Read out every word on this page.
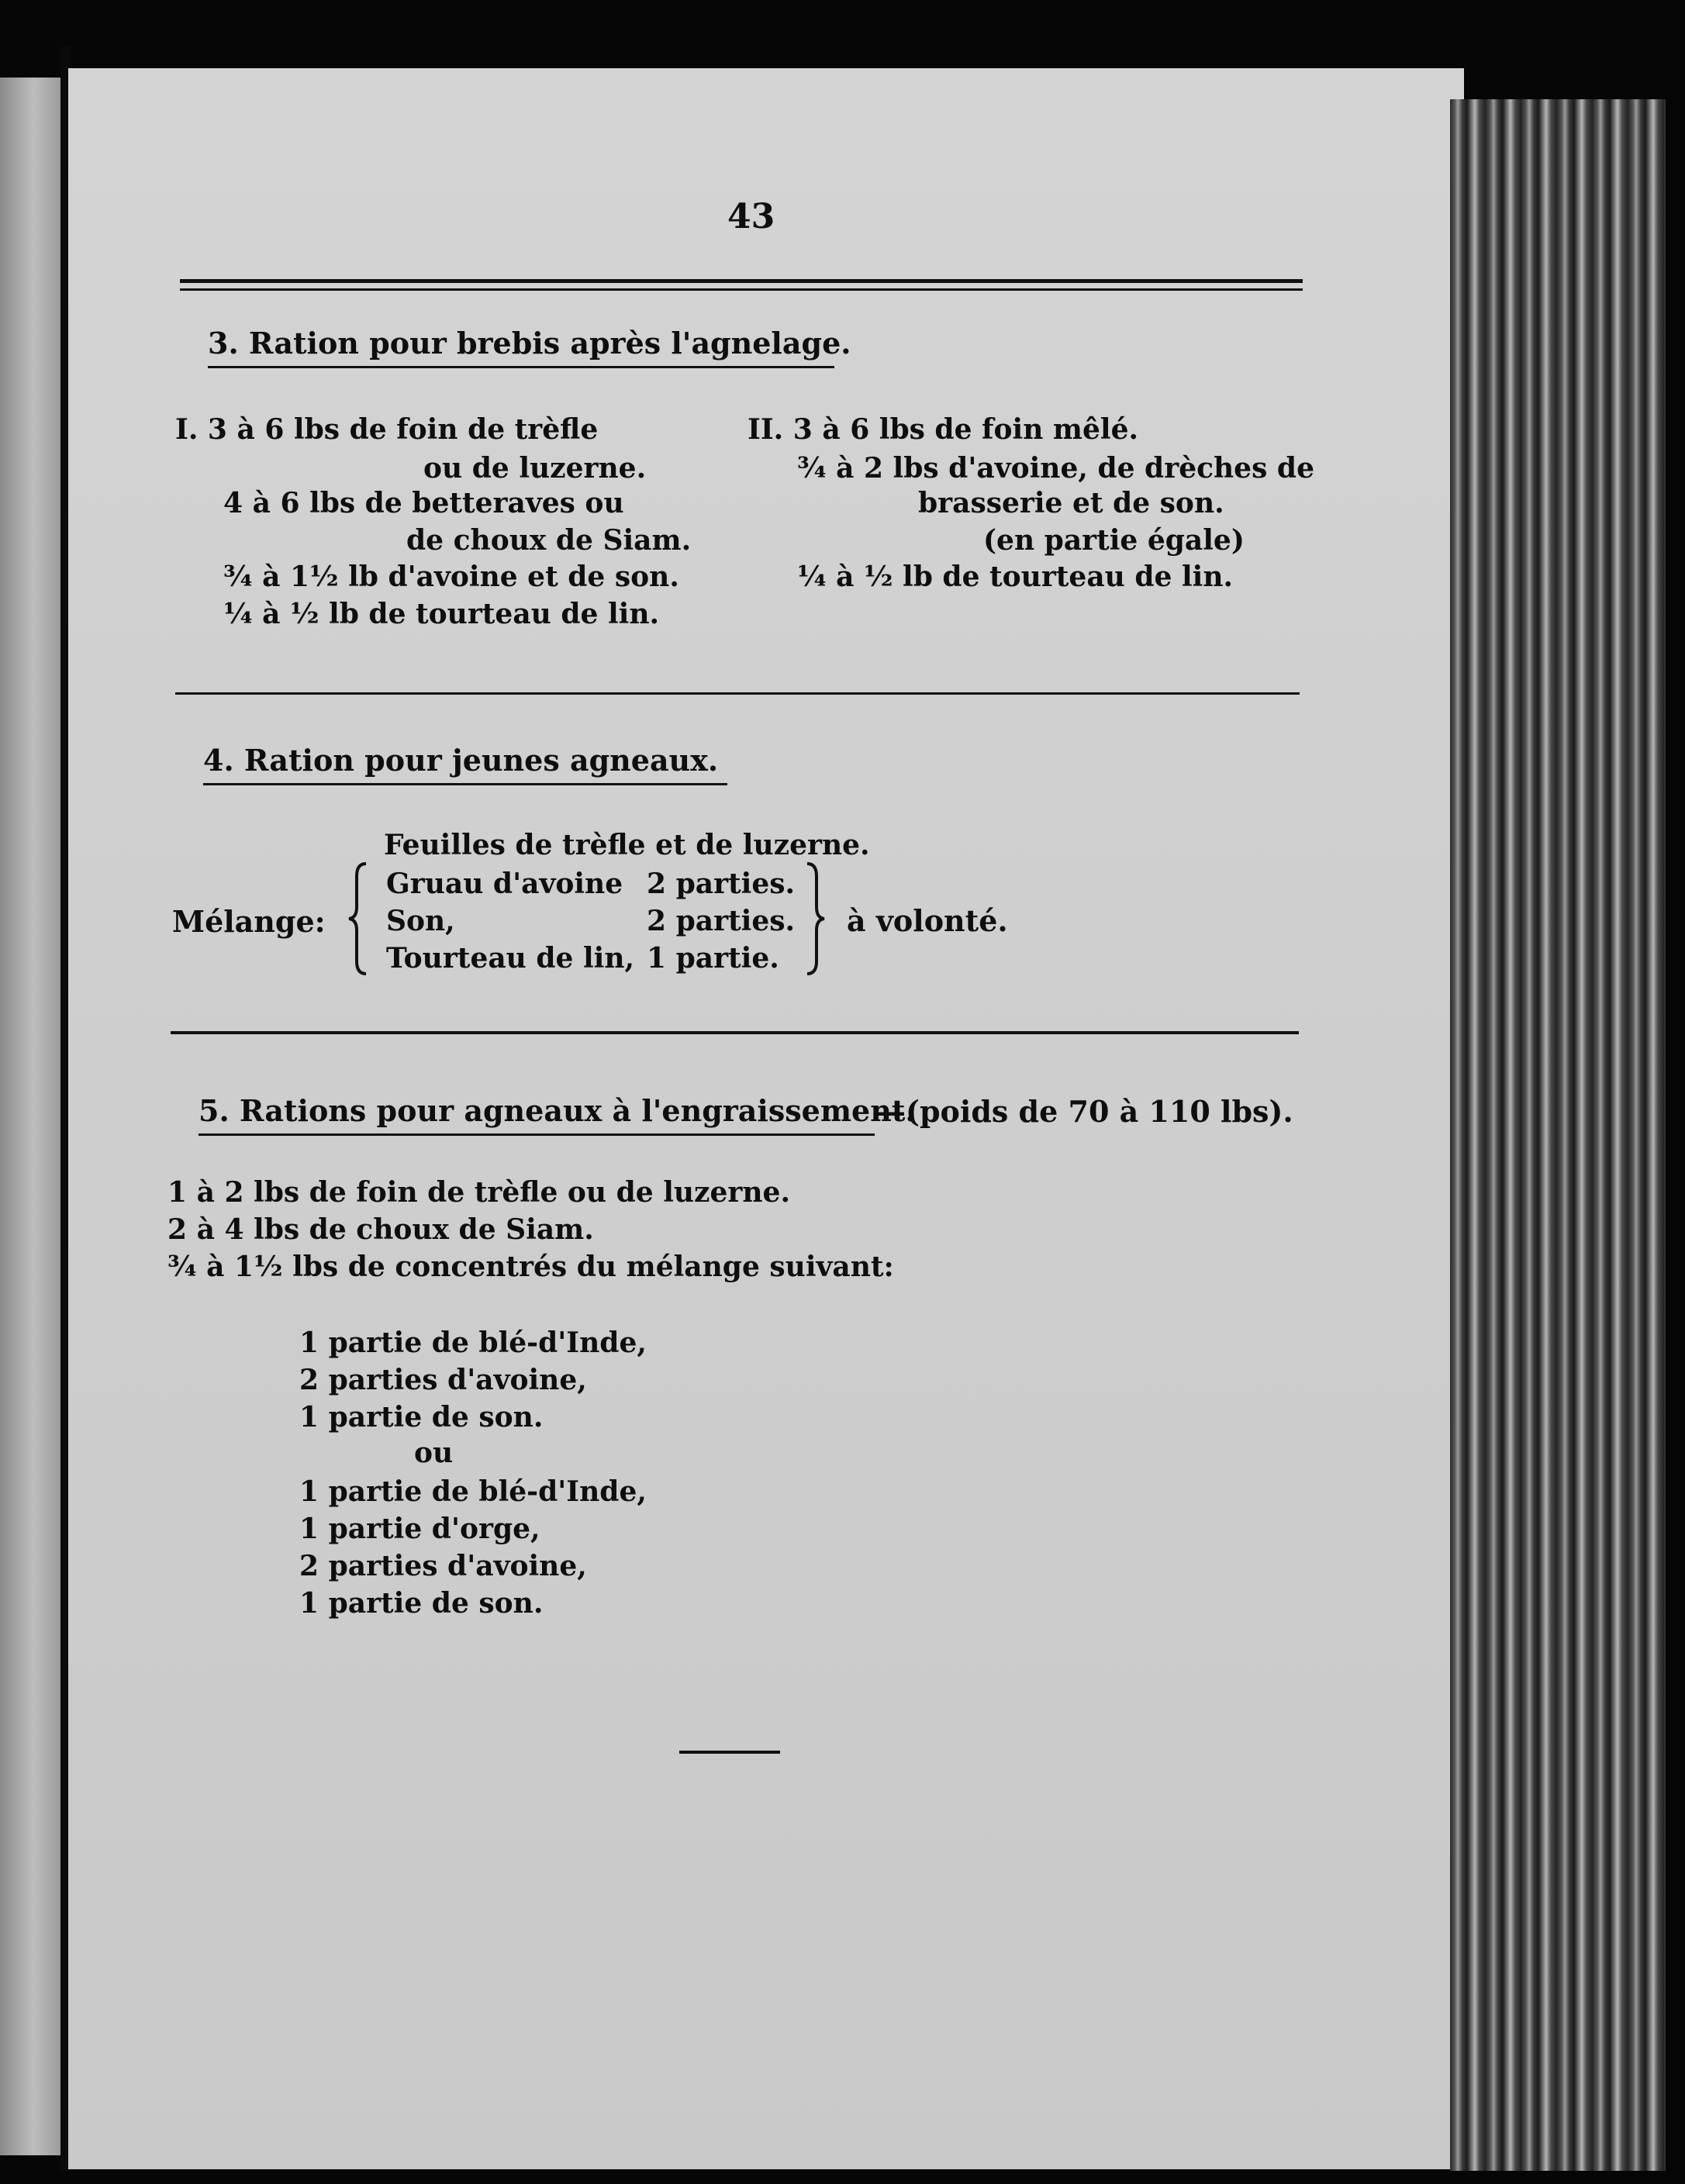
43
3. Ration pour brebis après l'agnelage.
I. 3 à 6 lbs de foin de trèfle
ou de luzerne.
4 à 6 lbs de betteraves ou
de choux de Siam.
¾ à 1½ lb d'avoine et de son.
¼ à ½ lb de tourteau de lin.
II. 3 à 6 lbs de foin mêlé.
¾ à 2 lbs d'avoine, de drèches de
brasserie et de son.
(en partie égale)
¼ à ½ lb de tourteau de lin.
4. Ration pour jeunes agneaux.
Feuilles de trèfle et de luzerne.
Mélange:
Gruau d'avoine 2 parties.
Son,	2 parties.
Tourteau de lin, 1 partie.
à volonté.
5. Rations pour agneaux à l'engraissement.
—(poids de 70 à 110 lbs).
1 à 2 lbs de foin de trèfle ou de luzerne.
2 à 4 lbs de choux de Siam.
¾ à 1½ lbs de concentrés du mélange suivant:
1 partie de blé-d'Inde,
2 parties d'avoine,
1 partie de son.
ou
1 partie de blé-d'Inde,
1 partie d'orge,
2 parties d'avoine,
1 partie de son.
